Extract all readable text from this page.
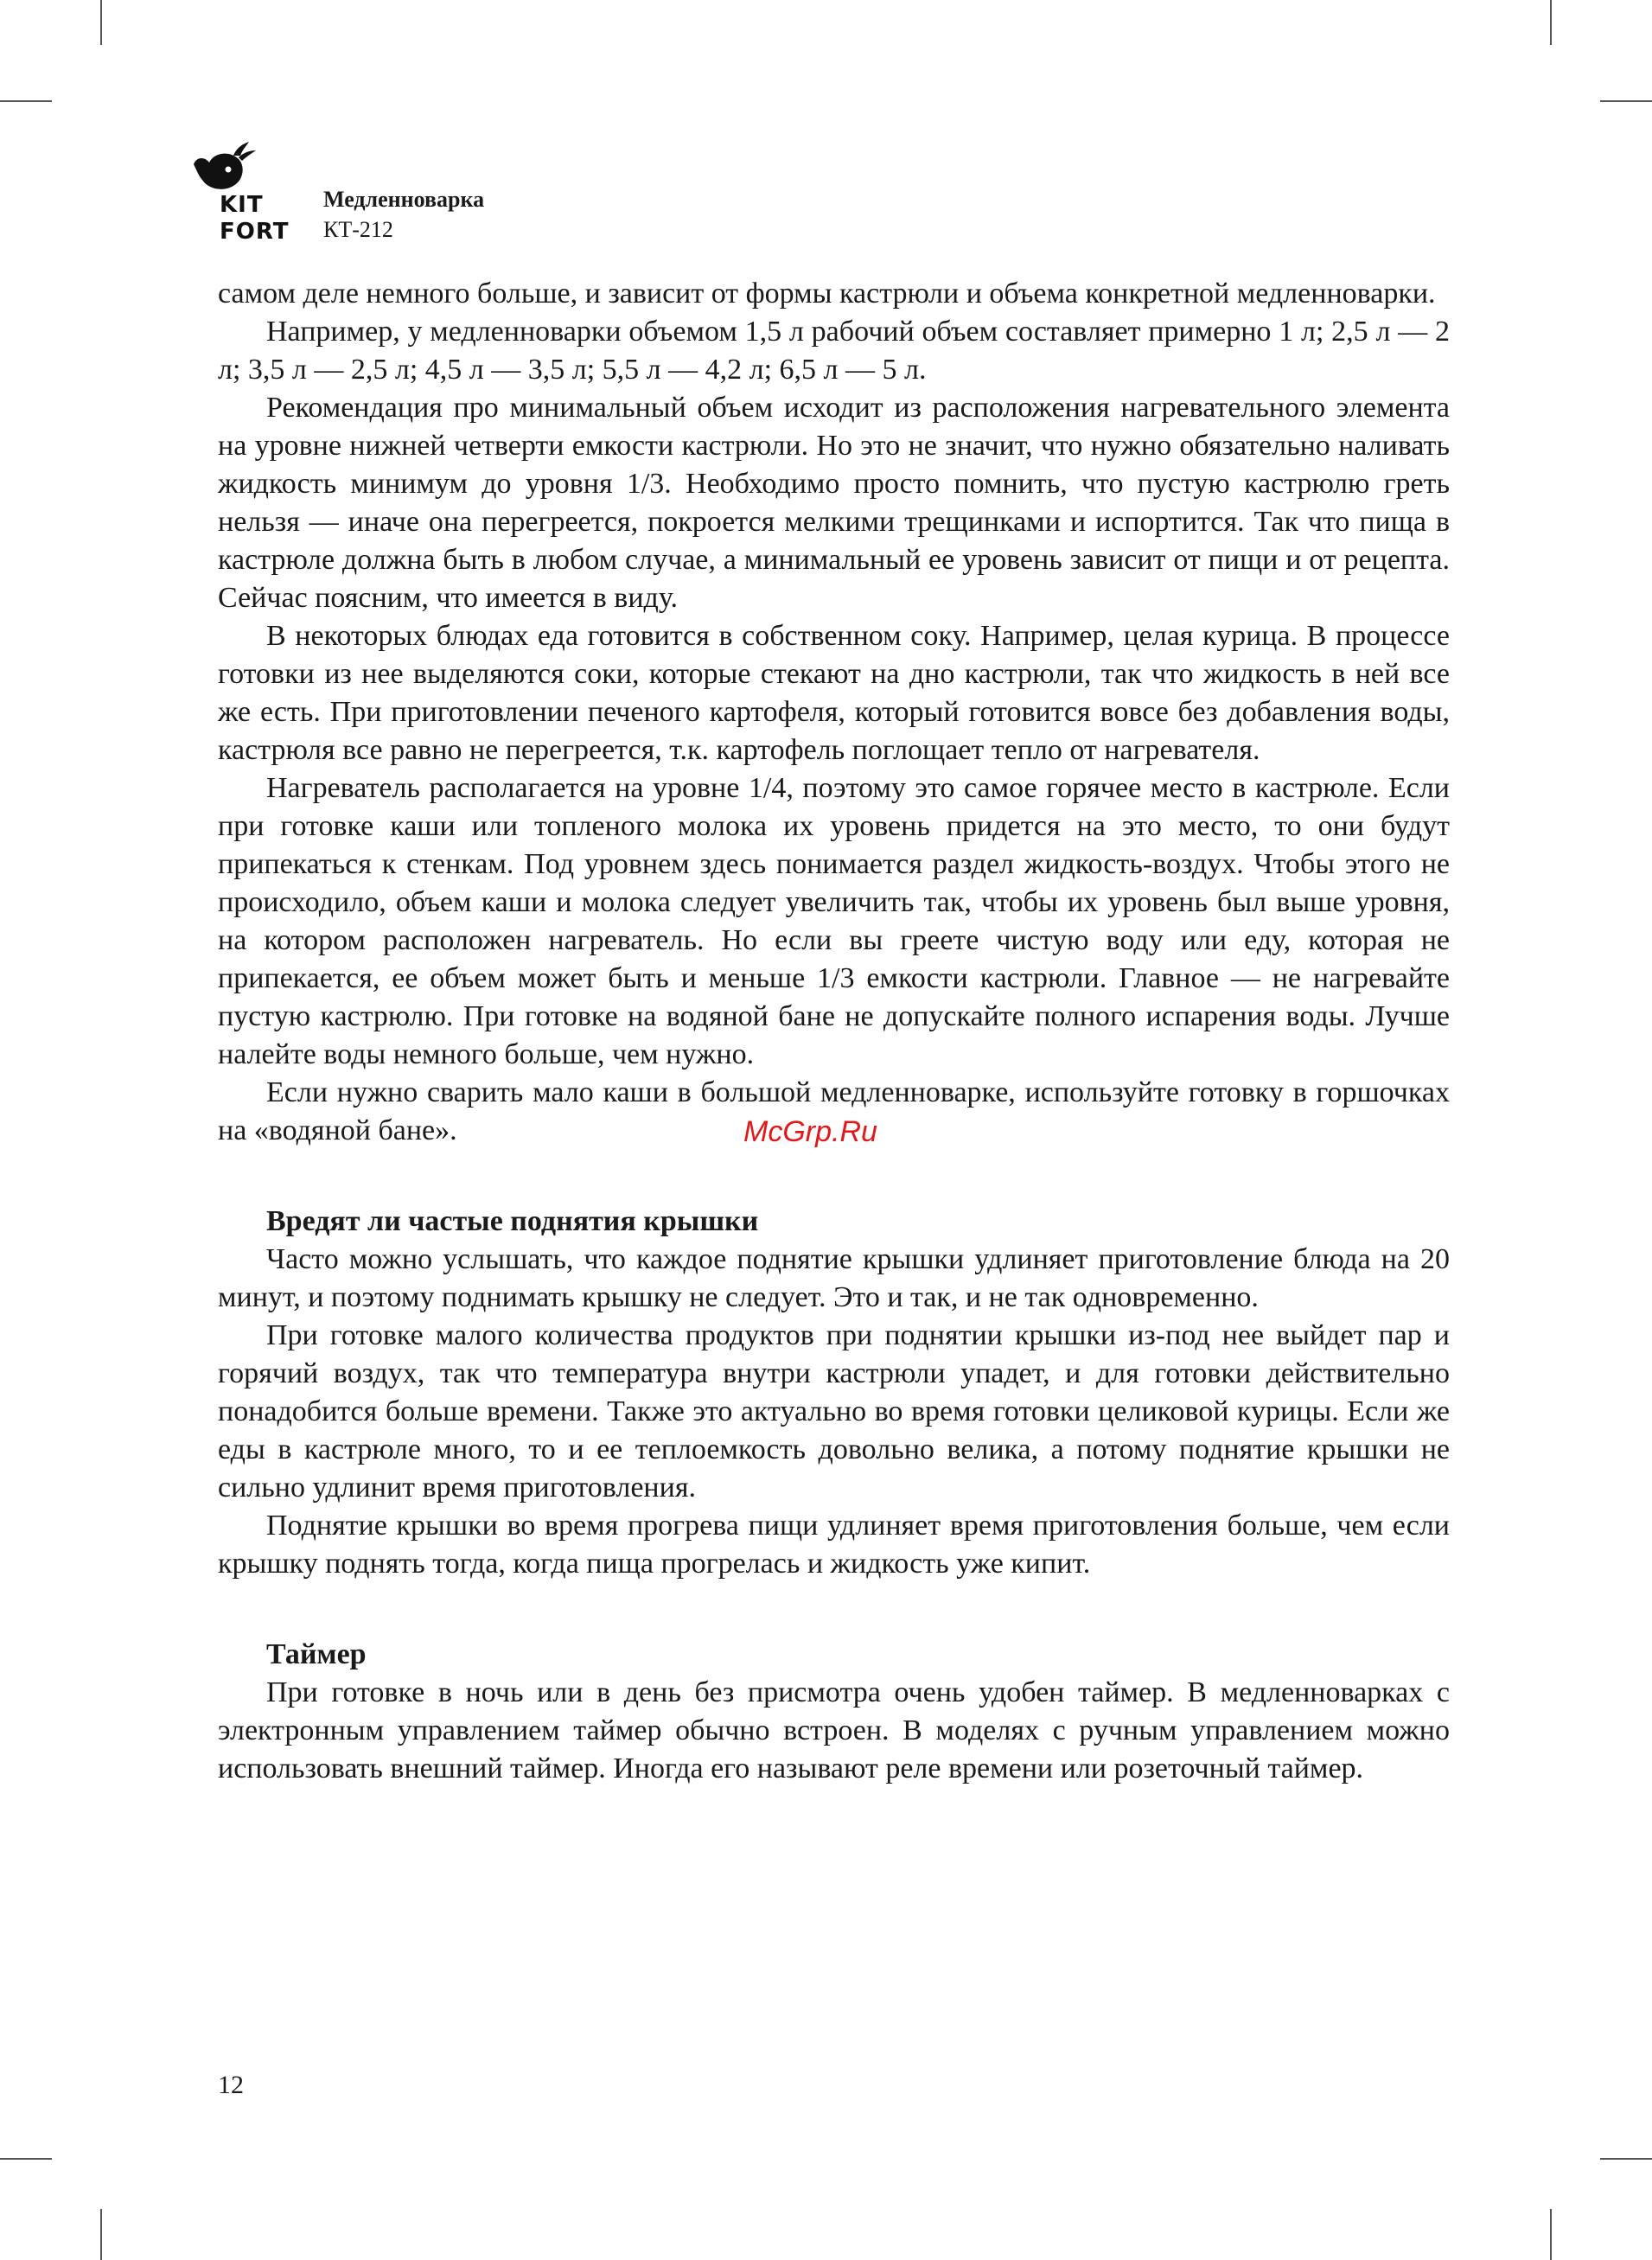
KIT
FORT
Медленноварка
КТ-212

самом деле немного больше, и зависит от формы кастрюли и объема конкретной медленноварки.

Например, у медленноварки объемом 1,5 л рабочий объем составляет примерно 1 л; 2,5 л — 2 л; 3,5 л — 2,5 л; 4,5 л — 3,5 л; 5,5 л — 4,2 л; 6,5 л — 5 л.

Рекомендация про минимальный объем исходит из расположения нагревательного элемента на уровне нижней четверти емкости кастрюли. Но это не значит, что нужно обязательно наливать жидкость минимум до уровня 1/3. Необходимо просто помнить, что пустую кастрюлю греть нельзя — иначе она перегреется, покроется мелкими трещинками и испортится. Так что пища в кастрюле должна быть в любом случае, а минимальный ее уровень зависит от пищи и от рецепта. Сейчас поясним, что имеется в виду.

В некоторых блюдах еда готовится в собственном соку. Например, целая курица. В процессе готовки из нее выделяются соки, которые стекают на дно кастрюли, так что жидкость в ней все же есть. При приготовлении печеного картофеля, который готовится вовсе без добавления воды, кастрюля все равно не перегреется, т.к. картофель поглощает тепло от нагревателя.

Нагреватель располагается на уровне 1/4, поэтому это самое горячее место в кастрюле. Если при готовке каши или топленого молока их уровень придется на это место, то они будут припекаться к стенкам. Под уровнем здесь понимается раздел жидкость-воздух. Чтобы этого не происходило, объем каши и молока следует увеличить так, чтобы их уровень был выше уровня, на котором расположен нагреватель. Но если вы греете чистую воду или еду, которая не припекается, ее объем может быть и меньше 1/3 емкости кастрюли. Главное — не нагревайте пустую кастрюлю. При готовке на водяной бане не допускайте полного испарения воды. Лучше налейте воды немного больше, чем нужно.

Если нужно сварить мало каши в большой медленноварке, используйте готовку в горшочках на «водяной бане».

Вредят ли частые поднятия крышки

Часто можно услышать, что каждое поднятие крышки удлиняет приготовление блюда на 20 минут, и поэтому поднимать крышку не следует. Это и так, и не так одновременно.

При готовке малого количества продуктов при поднятии крышки из-под нее выйдет пар и горячий воздух, так что температура внутри кастрюли упадет, и для готовки действительно понадобится больше времени. Также это актуально во время готовки целиковой курицы. Если же еды в кастрюле много, то и ее теплоемкость довольно велика, а потому поднятие крышки не сильно удлинит время приготовления.

Поднятие крышки во время прогрева пищи удлиняет время приготовления больше, чем если крышку поднять тогда, когда пища прогрелась и жидкость уже кипит.

Таймер

При готовке в ночь или в день без присмотра очень удобен таймер. В медленноварках с электронным управлением таймер обычно встроен. В моделях с ручным управлением можно использовать внешний таймер. Иногда его называют реле времени или розеточный таймер.

McGrp.Ru
12
